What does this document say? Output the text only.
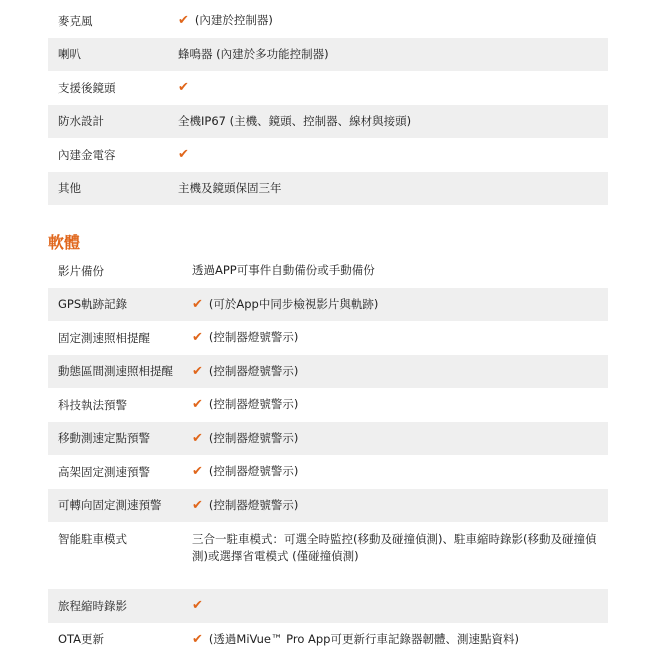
麥克風	✔ (內建於控制器)
喇叭	蜂鳴器 (內建於多功能控制器)
支援後鏡頭	✔
防水設計	全機IP67 (主機、鏡頭、控制器、線材與接頭)
內建金電容	✔
其他	主機及鏡頭保固三年
軟體
影片備份	透過APP可事件自動備份或手動備份
GPS軌跡記錄	✔ (可於App中同步檢視影片與軌跡)
固定測速照相提醒	✔ (控制器燈號警示)
動態區間測速照相提醒	✔ (控制器燈號警示)
科技執法預警	✔ (控制器燈號警示)
移動測速定點預警	✔ (控制器燈號警示)
高架固定測速預警	✔ (控制器燈號警示)
可轉向固定測速預警	✔ (控制器燈號警示)
智能駐車模式	三合一駐車模式：可選全時監控(移動及碰撞偵測)、駐車縮時錄影(移動及碰撞偵測)或選擇省電模式 (僅碰撞偵測)
旅程縮時錄影	✔
OTA更新	✔ (透過MiVue™ Pro App可更新行車記錄器韌體、測速點資料)
